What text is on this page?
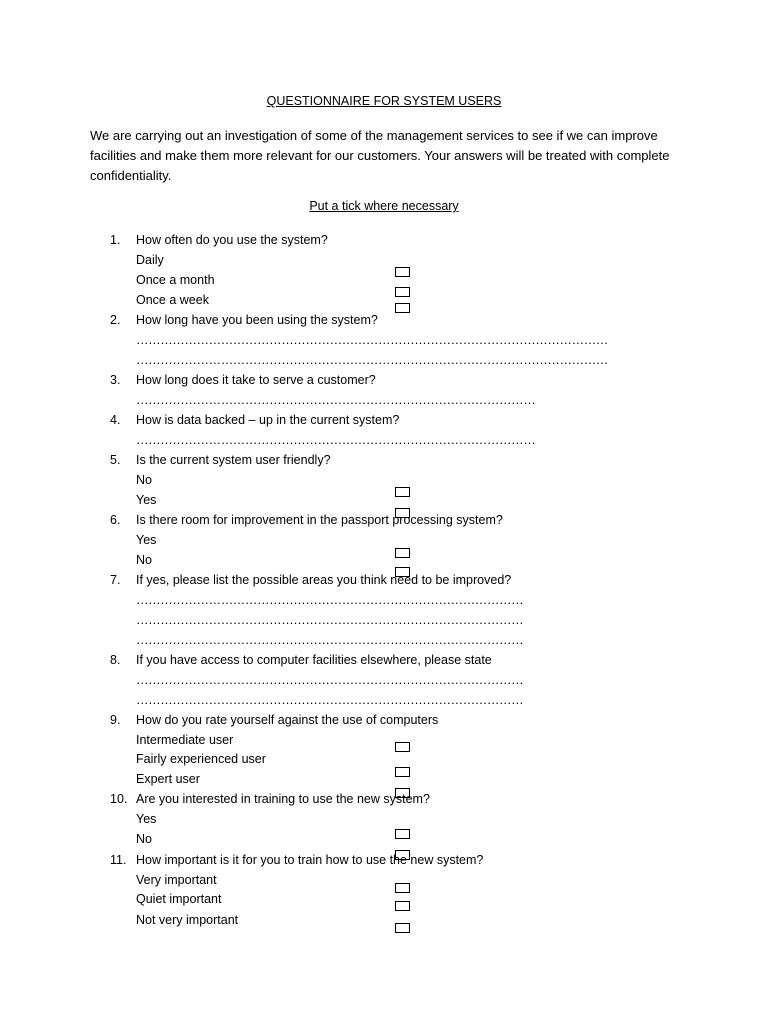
QUESTIONNAIRE FOR SYSTEM USERS
We are carrying out an investigation of some of the management services to see if we can improve facilities and make them more relevant for our customers. Your answers will be treated with complete confidentiality.
Put a tick where necessary
1.	How often do you use the system?
Daily
Once a month
Once a week
2.	How long have you been using the system?
………………………………………………………………………………………………………
………………………………………………………………………………………………………
3.	How long does it take to serve a customer?
………………………………………………………………………………………
4.	How is data backed – up in the current system?
………………………………………………………………………………………
5.	Is the current system user friendly?
No
Yes
6.	Is there room for improvement in the passport processing system?
Yes
No
7.	If yes, please list the possible areas you think need to be improved?
……………………………………………………………………………………
……………………………………………………………………………………
……………………………………………………………………………………
8.	If you have access to computer facilities elsewhere, please state
……………………………………………………………………………………
……………………………………………………………………………………
9.	How do you rate yourself against the use of computers
Intermediate user
Fairly experienced user
Expert user
10. Are you interested in training to use the new system?
Yes
No
11. How important is it for you to train how to use the new system?
Very important
Quiet important
Not very important
